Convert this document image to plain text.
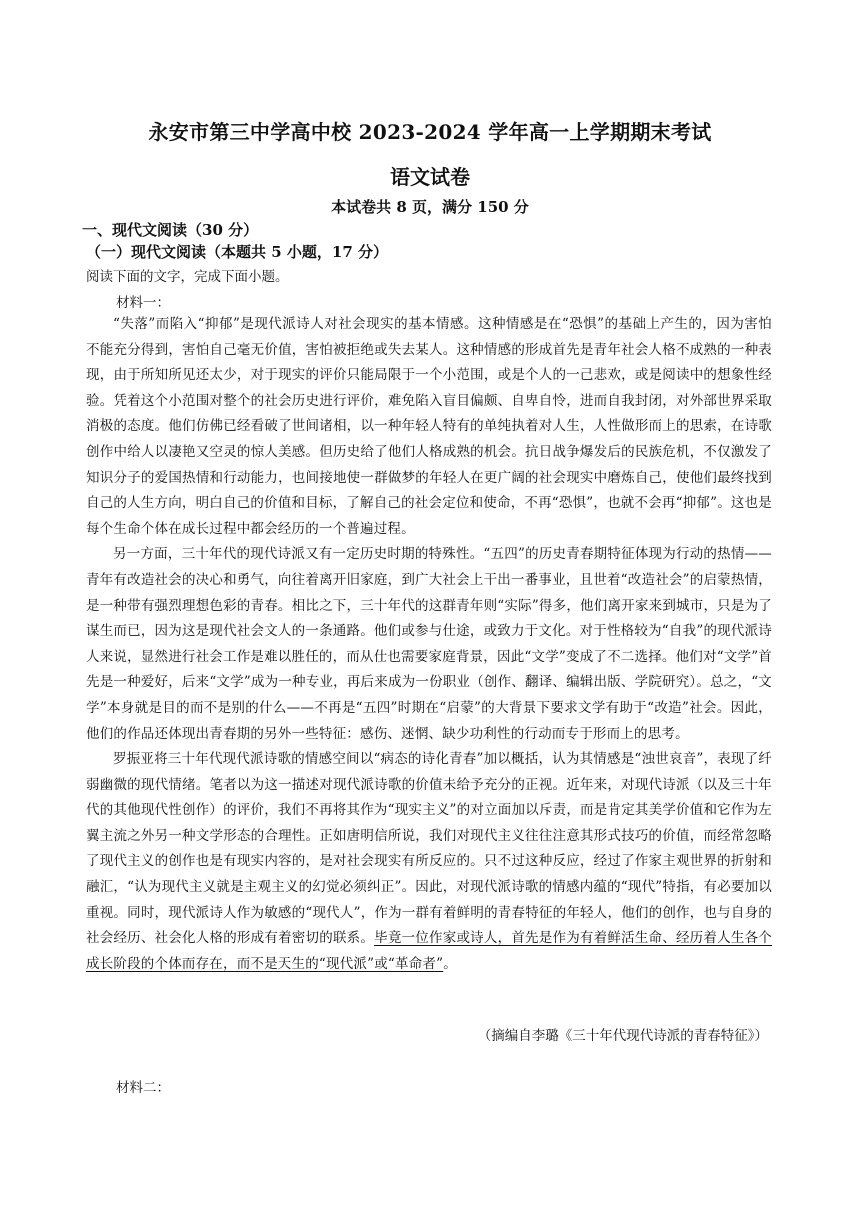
永安市第三中学高中校 2023-2024 学年高一上学期期末考试
语文试卷
本试卷共 8 页，满分 150 分
一、现代文阅读（30 分）
（一）现代文阅读（本题共 5 小题，17 分）
阅读下面的文字，完成下面小题。
材料一：

“失落”而陷入“抑郁”是现代派诗人对社会现实的基本情感。这种情感是在“恐惧”的基础上产生的，因为害怕不能充分得到，害怕自己毫无价值，害怕被拒绝或失去某人。这种情感的形成首先是青年社会人格不成熟的一种表现，由于所知所见还太少，对于现实的评价只能局限于一个小范围，或是个人的一己悲欢，或是阅读中的想象性经验。凭着这个小范围对整个的社会历史进行评价，难免陷入盲目偏颇、自卑自怜，进而自我封闭，对外部世界采取消极的态度。他们仿佛已经看破了世间诸相，以一种年轻人特有的单纯执着对人生，人性做形而上的思索，在诗歌创作中给人以凄艳又空灵的惊人美感。但历史给了他们人格成熟的机会。抗日战争爆发后的民族危机，不仅激发了知识分子的爱国热情和行动能力，也间接地使一群做梦的年轻人在更广阔的社会现实中磨炼自己，使他们最终找到自己的人生方向，明白自己的价值和目标，了解自己的社会定位和使命，不再“恐惧”，也就不会再“抑郁”。这也是每个生命个体在成长过程中都会经历的一个普遍过程。

另一方面，三十年代的现代诗派又有一定历史时期的特殊性。“五四”的历史青春期特征体现为行动的热情——青年有改造社会的决心和勇气，向往着离开旧家庭，到广大社会上干出一番事业，且世着“改造社会”的启蒙热情，是一种带有强烈理想色彩的青春。相比之下，三十年代的这群青年则“实际”得多，他们离开家来到城市，只是为了谋生而已，因为这是现代社会文人的一条通路。他们或参与仕途，或致力于文化。对于性格较为“自我”的现代派诗人来说，显然进行社会工作是难以胜任的，而从仕也需要家庭背景，因此“文学”变成了不二选择。他们对“文学”首先是一种爱好，后来“文学”成为一种专业，再后来成为一份职业（创作、翻译、编辑出版、学院研究）。总之，“文学”本身就是目的而不是别的什么——不再是“五四”时期在“启蒙”的大背景下要求文学有助于“改造”社会。因此，他们的作品还体现出青春期的另外一些特征：感伤、迷惘、缺少功利性的行动而专于形而上的思考。

罗振亚将三十年代现代派诗歌的情感空间以“病态的诗化青春”加以概括，认为其情感是“浊世哀音”，表现了纤弱幽微的现代情绪。笔者以为这一描述对现代派诗歌的价值未给予充分的正视。近年来，对现代诗派（以及三十年代的其他现代性创作）的评价，我们不再将其作为“现实主义”的对立面加以斥责，而是肯定其美学价值和它作为左翼主流之外另一种文学形态的合理性。正如唐明信所说，我们对现代主义往往注意其形式技巧的价值，而经常忽略了现代主义的创作也是有现实内容的，是对社会现实有所反应的。只不过这种反应，经过了作家主观世界的折射和融汇，“认为现代主义就是主观主义的幻觉必须纠正”。因此，对现代派诗歌的情感内蕴的“现代”特指，有必要加以重视。同时，现代派诗人作为敏感的“现代人”，作为一群有着鲜明的青春特征的年轻人，他们的创作，也与自身的社会经历、社会化人格的形成有着密切的联系。毕竟一位作家或诗人，首先是作为有着鲜活生命、经历着人生各个成长阶段的个体而存在，而不是天生的“现代派”或“革命者”。

（摘编自李璐《三十年代现代诗派的青春特征》）
材料二：
